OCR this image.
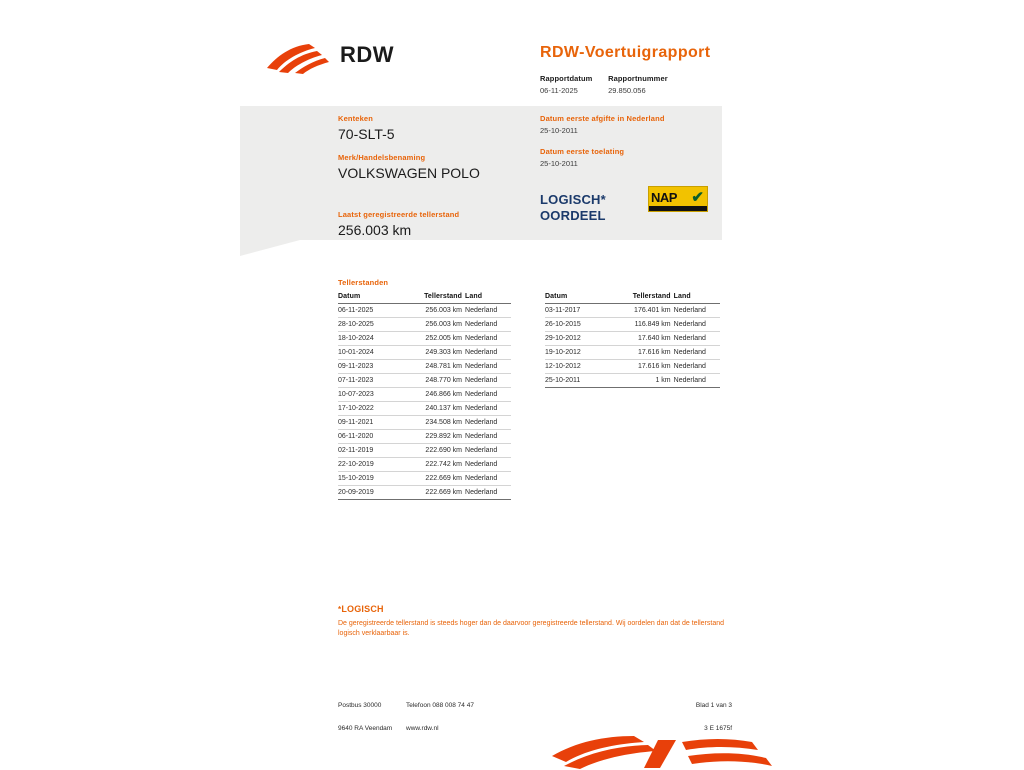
RDW	RDW-Voertuigrapport
Rapportdatum
06-11-2025

Rapportnummer
29.850.056
Kenteken
70-SLT-5
Merk/Handelsbenaming
VOLKSWAGEN POLO
Laatst geregistreerde tellerstand
256.003 km
Datum eerste afgifte in Nederland
25-10-2011
Datum eerste toelating
25-10-2011
LOGISCH*
OORDEEL
NAP ✔
Tellerstanden
Datum	Tellerstand	Land
06-11-2025	256.003 km	Nederland
28-10-2025	256.003 km	Nederland
18-10-2024	252.005 km	Nederland
10-01-2024	249.303 km	Nederland
09-11-2023	248.781 km	Nederland
07-11-2023	248.770 km	Nederland
10-07-2023	246.866 km	Nederland
17-10-2022	240.137 km	Nederland
09-11-2021	234.508 km	Nederland
06-11-2020	229.892 km	Nederland
02-11-2019	222.690 km	Nederland
22-10-2019	222.742 km	Nederland
15-10-2019	222.669 km	Nederland
20-09-2019	222.669 km	Nederland
Datum	Tellerstand	Land
03-11-2017	176.401 km	Nederland
26-10-2015	116.849 km	Nederland
29-10-2012	17.640 km	Nederland
19-10-2012	17.616 km	Nederland
12-10-2012	17.616 km	Nederland
25-10-2011	1 km	Nederland
*LOGISCH
De geregistreerde tellerstand is steeds hoger dan de daarvoor geregistreerde tellerstand. Wij oordelen dan dat de tellerstand logisch verklaarbaar is.
Postbus 30000
9640 RA Veendam
Telefoon 088 008 74 47
www.rdw.nl
Blad 1 van 3
3 E 1675f
